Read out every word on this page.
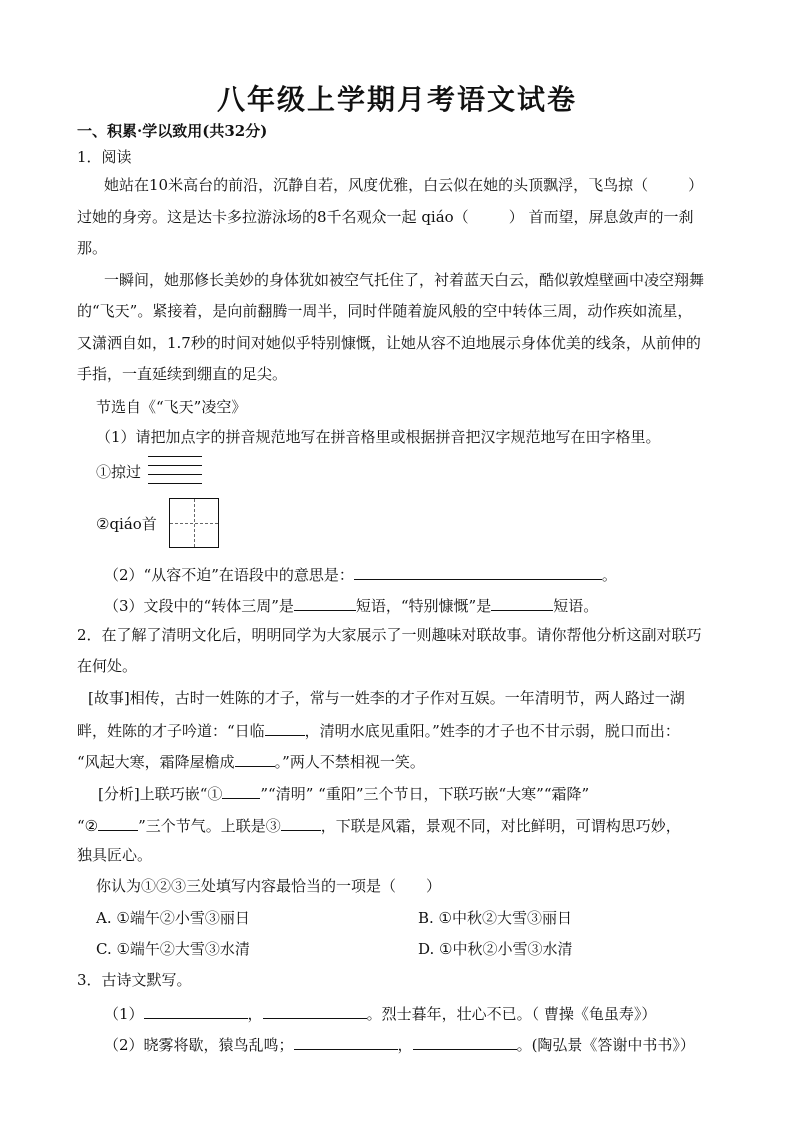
八年级上学期月考语文试卷
一、积累·学以致用(共32分)
1．阅读
她站在10米高台的前沿，沉静自若，风度优雅，白云似在她的头顶飘浮，飞鸟掠（	）
过她的身旁。这是达卡多拉游泳场的8千名观众一起 qiáo（	） 首而望，屏息敛声的一刹
那。
一瞬间，她那修长美妙的身体犹如被空气托住了，衬着蓝天白云，酷似敦煌壁画中凌空翔舞
的“飞天”。紧接着，是向前翻腾一周半，同时伴随着旋风般的空中转体三周，动作疾如流星，
又潇洒自如，1.7秒的时间对她似乎特别慷慨，让她从容不迫地展示身体优美的线条，从前伸的
手指，一直延续到绷直的足尖。
节选自《“飞天”凌空》
（1）请把加点字的拼音规范地写在拼音格里或根据拼音把汉字规范地写在田字格里。
①掠过
②qiáo首
（2）“从容不迫”在语段中的意思是：	。
（3）文段中的“转体三周”是	短语，“特别慷慨”是	短语。
2．在了解了清明文化后，明明同学为大家展示了一则趣味对联故事。请你帮他分析这副对联巧
在何处。
[故事]相传，古时一姓陈的才子，常与一姓李的才子作对互娱。一年清明节，两人路过一湖
畔，姓陈的才子吟道：“日临	，清明水底见重阳。”姓李的才子也不甘示弱，脱口而出：
“风起大寒，霜降屋檐成	。”两人不禁相视一笑。
[分析]上联巧嵌“①	”“清明” “重阳”三个节日，下联巧嵌“大寒”“霜降”
“②	”三个节气。上联是③	，下联是风霜，景观不同，对比鲜明，可谓构思巧妙，
独具匠心。
你认为①②③三处填写内容最恰当的一项是（　　）
A. ①端午②小雪③丽日	B. ①中秋②大雪③丽日
C. ①端午②大雪③水清	D. ①中秋②小雪③水清
3．古诗文默写。
（1）	，	。烈士暮年，壮心不已。（ 曹操《龟虽寿》）
（2）晓雾将歇，猿鸟乱鸣；	，	。(陶弘景《答谢中书书》）
